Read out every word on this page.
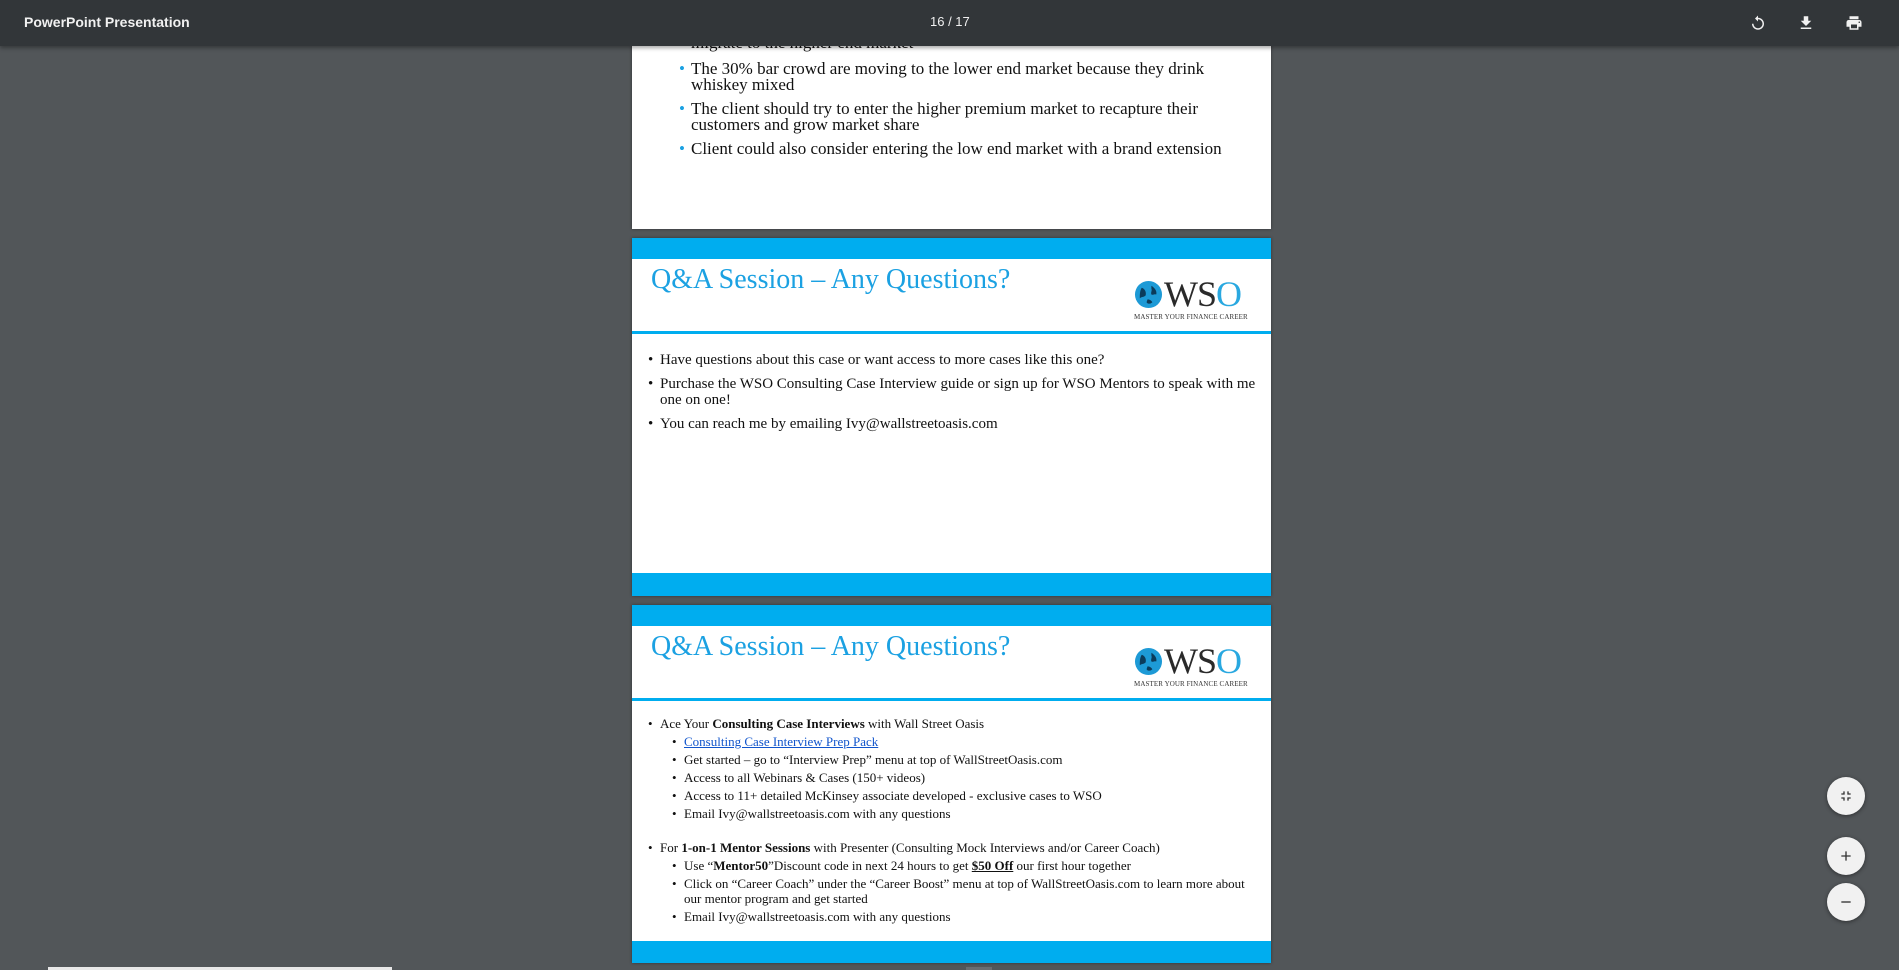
PowerPoint Presentation	16 / 17
•
• The 30% bar crowd are moving to the lower end market because they drink whiskey mixed
• The client should try to enter the higher premium market to recapture their customers and grow market share
• Client could also consider entering the low end market with a brand extension
Q&A Session – Any Questions?	WSO
MASTER YOUR FINANCE CAREER
• Have questions about this case or want access to more cases like this one?
• Purchase the WSO Consulting Case Interview guide or sign up for WSO Mentors to speak with me one on one!
• You can reach me by emailing Ivy@wallstreetoasis.com
Q&A Session – Any Questions?	WSO
MASTER YOUR FINANCE CAREER
• Ace Your Consulting Case Interviews with Wall Street Oasis
• Consulting Case Interview Prep Pack
• Get started – go to “Interview Prep” menu at top of WallStreetOasis.com
• Access to all Webinars & Cases (150+ videos)
• Access to 11+ detailed McKinsey associate developed - exclusive cases to WSO
• Email Ivy@wallstreetoasis.com with any questions
• For 1-on-1 Mentor Sessions with Presenter (Consulting Mock Interviews and/or Career Coach)
• Use “Mentor50”Discount code in next 24 hours to get $50 Off our first hour together
• Click on “Career Coach” under the “Career Boost” menu at top of WallStreetOasis.com to learn more about our mentor program and get started
• Email Ivy@wallstreetoasis.com with any questions
